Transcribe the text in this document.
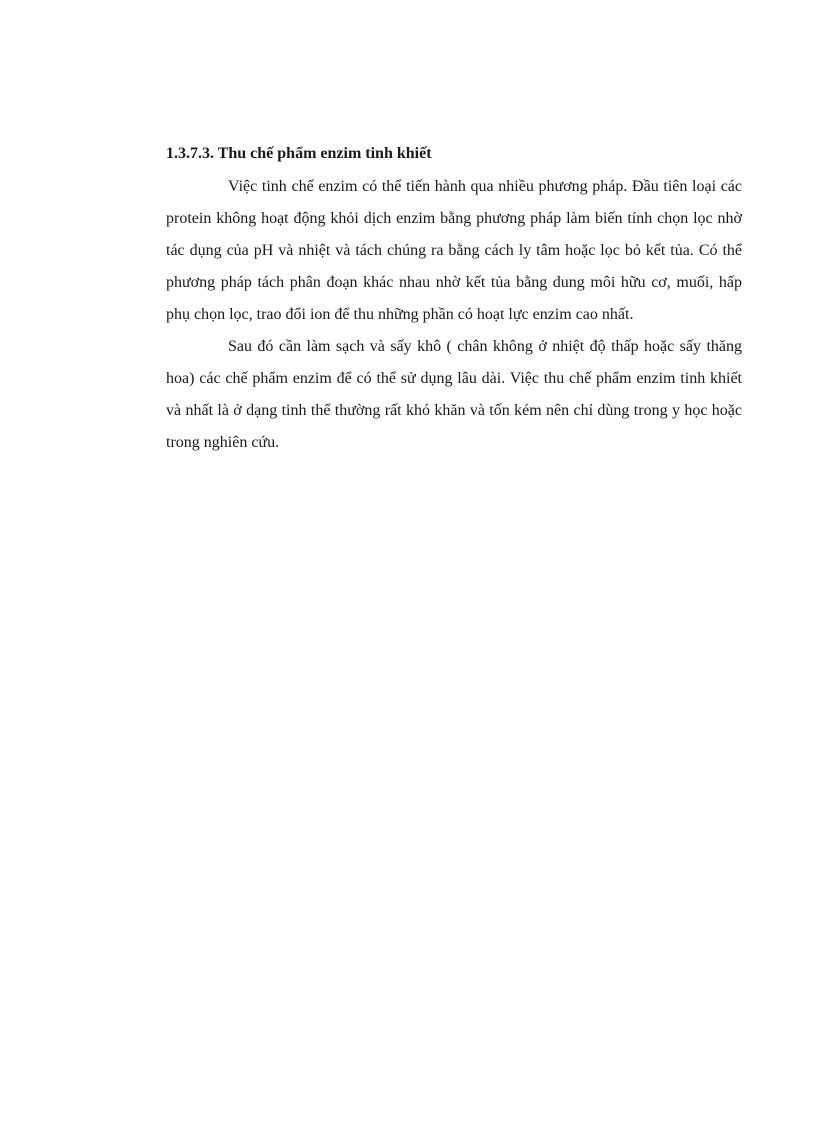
1.3.7.3. Thu chế phẩm enzim tinh khiết

Việc tinh chế enzim có thể tiến hành qua nhiều phương pháp. Đầu tiên loại các protein không hoạt động khỏi dịch enzim bằng phương pháp làm biến tính chọn lọc nhờ tác dụng của pH và nhiệt và tách chúng ra bằng cách ly tâm hoặc lọc bỏ kết tủa. Có thể phương pháp tách phân đoạn khác nhau nhờ kết tủa bằng dung môi hữu cơ, muối, hấp phụ chọn lọc, trao đổi ion để thu những phần có hoạt lực enzim cao nhất.

Sau đó cần làm sạch và sấy khô ( chân không ở nhiệt độ thấp hoặc sấy thăng hoa) các chế phẩm enzim để có thể sử dụng lâu dài. Việc thu chế phẩm enzim tinh khiết và nhất là ở dạng tinh thể thường rất khó khăn và tốn kém nên chỉ dùng trong y học hoặc trong nghiên cứu.
